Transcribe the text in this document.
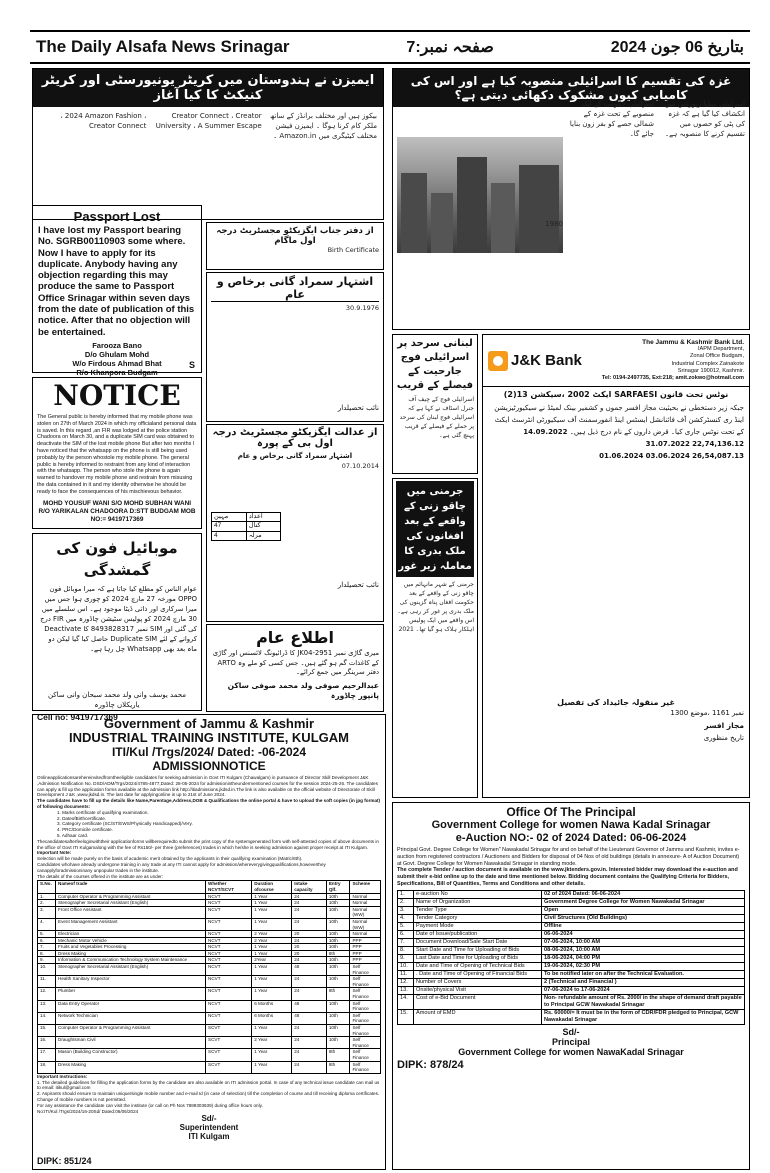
The Daily Alsafa News Srinagar	صفحہ نمبر:7	بتاریخ 06 جون 2024
ایمیزن نے ہندوستان میں کریٹر یونیورسٹی اور کریٹر کنیکٹ کا کیا آغاز
بیکوز ہیں اور مختلف برانڈز کے ساتھ ملکر کام کرنا ہوگا ۔ ایمیزن فیشن مختلف کیٹیگری میں Amazon.in ۔ Creator Connect ، Creator University ، A Summer Escape ، 2024 Amazon Fashion ، Creator Connect
Passport Lost
I have lost my Passport bearing No. SGRB00110903 some where. Now I have to apply for its duplicate. Anybody having any objection regarding this may produce the same to Passport Office Srinagar within seven days from the date of publication of this notice. After that no objection will be entertained.
Farooza Bano
D/o Ghulam Mohd
W/o Firdous Ahmad Bhat
R/o Khanpora Budgam
S
NOTICE
The General public is hereby informed that my mobile phone was stolen on 27th of March 2024 in which my officialand personal data is saved. In this regard ,an FIR was lodged at the police station Chadoora on March 30, and a duplicate SIM card was obtained to deactivate the SIM of the lost mobile phone But after two months I have noticed that the whatsapp on the phone is still being used probably by the person whostole my mobile phone. The general public is hereby informed to restraint from any kind of interaction with the whatsapp. The person who stole the phone is again warned to handover my mobile phone and restrain from misusing the data contained in it and my identity otherwise he should be ready to face the consequences of his mischievous behavior.
MOHD YOUSUF WANI S/O MOHD SUBHAN WANI R/O YARIKALAN CHADOORA D:STT BUDGAM MOB NO:= 9419717369
موبائیل فون کی گمشدگی
عوام الناس کو مطلع کیا جاتا ہے کہ میرا موبائل فون OPPO مورخہ 27 مارچ 2024 کو چوری ہوا جس میں میرا سرکاری اور ذاتی ڈیٹا موجود ہے۔ اس سلسلے میں 30 مارچ 2024 کو پولیس سٹیشن چاڈورہ میں FIR درج کی گئی اور SIM نمبر 8493828317 کا Deactivate کروانے کے لئے Duplicate SIM حاصل کیا گیا لیکن دو ماہ بعد بھی Whatsapp چل رہا ہے۔
محمد یوسف وانی ولد محمد سبحان وانی ساکن یاریکلاں چاڈورہ
Cell no: 9419717369
از دفتر جناب ایگزیکٹو مجسٹریٹ درجہ اول ماگام
Birth Certificate
اشتہار سمراد گانی برخاص و عام
30.9.1976
نائب تحصیلدار
از عدالت ایگزیکٹو مجسٹریٹ درجہ اول بی کے پورہ
اشتہار سمراد گانی برخاص و عام
07.10.2014
مہین	اعداد
47	کنال
4	مرلہ
نائب تحصیلدار
اطلاع عام
میری گاڑی نمبر JK04-2951 کا ڈرائیونگ لائسنس اور گاڑی کے کاغذات گم ہو گئے ہیں۔ جس کسی کو ملے وہ ARTO دفتر سرینگر میں جمع کرائے۔
عبدالرحیم صوفی ولد محمد صوفی ساکن پانپور چاڈورہ
غزہ کی تقسیم کا اسرائیلی منصوبہ کیا ہے اور اس کی کامیابی کیوں مشکوک دکھائی دیتی ہے؟
اسرائیلی میڈیا رپورٹس میں انکشاف کیا گیا ہے کہ غزہ کی پٹی کو حصوں میں تقسیم کرنے کا منصوبہ ہے۔ اسرائیلی حکومت کے ایک منصوبے کے تحت غزہ کے شمالی حصے کو بفر زون بنایا جائے گا۔
1980
لبنانی سرحد پر اسرائیلی فوج جارحیت کے فیصلے کے قریب
اسرائیلی فوج کے چیف آف جنرل اسٹاف نے کہا ہے کہ اسرائیلی فوج لبنان کی سرحد پر حملے کے فیصلے کے قریب پہنچ گئی ہے۔
جرمنی میں چاقو زنی کے واقعے کے بعد افغانوں کی ملک بدری کا معاملہ زیر غور
جرمنی کے شہر مانہائم میں چاقو زنی کے واقعے کے بعد حکومت افغان پناہ گزینوں کی ملک بدری پر غور کر رہی ہے۔ اس واقعے میں ایک پولیس اہلکار ہلاک ہو گیا تھا۔ 2021
J&K Bank
The Jammu & Kashmir Bank Ltd.
IAPM Department,
Zonal Office Budgam,
Industrial Complex Zainakote
Srinagar 190012, Kashmir.
Tel: 0194-2497735, Ext:218; amit.zokwo@hotmail.com
نوٹس تحت قانون SARFAESI ایکٹ 2002 ،سیکشن 13(2)
جبکہ زیر دستخطی نے بحیثیت مجاز افسر جموں و کشمیر بینک لمیٹڈ نے سیکیورٹیزیشن اینڈ ری کنسٹرکشن آف فائنانشل ایسٹس اینڈ انفورسمنٹ آف سیکیورٹی انٹرسٹ ایکٹ کے تحت نوٹس جاری کیا۔ قرض داروں کے نام درج ذیل ہیں۔ 14.09.2022
22,74,136.12 31.07.2022
26,54,087.13 03.06.2024 01.06.2024
غیر منقولہ جائیداد کی تفصیل
نمبر 1161 ،موضع 1300
مجاز افسر
تاریخ منظوری
Government of Jammu & Kashmir
INDUSTRIAL TRAINING INSTITUTE, KULGAM
ITI/Kul /Trgs/2024/ Dated: -06-2024
ADMISSIONNOTICE
Onlineapplicationsarehereinvitedfromtheeligible candidates for seeking admission in Govt ITI Kulgam (Chawalgam) in pursuance of Director Skill Development J&K ,Admission Notification No. DSD/ADM/Trgs/2024/4785-4877,Dated: 28-05-2024 for admissionintheundermentioned courses for the session 2024-25-26. The candidates can apply & fill up the application forms available at the admission link http://itiadmissions.jkdsd.in.The link is also available on the official website of Directorate of Skill Development J &K ,www.jkdsd.in. The last date for applyingonline is up to 21st of June 2024.
The candidates have to fill up the details like Name,Parentage,Address,DOB & Qualifications the online portal & have to upload the soft copies (in jpg format) of following documents:
1. Marks certificate of qualifying examination.
2. DateofBirthcertificate.
3. Category certificate (SC/ST/EWS/Physically Handicapped)/Very.
4. PRC/Domicile certificate.
5. Adhaar card.
Thecandidatesafterfeeloginwiththeir applicationforms willberequiredto submit the print copy of the systemgenerated form with self-attested copies of above documents in the office of Govt ITI Kulgamalong with the fee of Rs150/- per three (preferences) trades in which he/she is seeking admission against proper receipt at ITI Kulgam.
Important Note:
Selection will be made purely on the basis of academic merit obtained by the applicants in their qualifying examination (Matric/8th).
Candidates whohave already undergone training in any trade at any ITI cannot apply for admission/whereverygivingqualifications,howeverthey canapplyforadmissioninany unpopular trades in the institute.
The details of the courses offered in the institute are as under:
S.No.	Nameof trade	Whether NCVT/SCVT	Duration ofcourse	Intake capacity	Entry Qlf.	Scheme
1.	Computer Operator & Programming Assistant	NCVT	1 Year	24	10th	Normal
2.	Stenographer Secretarial Assistant (English)	NCVT	1 Year	24	10th	Normal
3.	Front Office Assistant	NCVT	1 Year	24	10th	Normal (WW)
4.	Event Management Assistant	NCVT	1 Year	24	10th	Normal (WW)
5.	Electrician	NCVT	2 Year	20	10th	Normal
6.	Mechanic Motor Vehicle	NCVT	2 Year	24	10th	PPP
7.	Fruits and Vegetables Processing	NCVT	1 Year	20	10th	PPP
8.	Dress Making	NCVT	1 Year	20	8th	PPP
9.	Information & Communication Technology System Maintenance	NCVT	2Year	24	10th	PPP
10.	Stenographer Secretarial Assistant (English)	NCVT	1 Year	48	10th	Self Finance
11.	Health Sanitary Inspector	NCVT	1 Year	24	10th	Self Finance
12.	Plumber	NCVT	1 Year	24	8th	Self Finance
13.	Data Entry Operator	NCVT	6 Months	48	10th	Self Finance
14.	Network Technician	NCVT	6 Months	48	10th	Self Finance
15.	Computer Operator & Programming Assistant	SCVT	1 Year	24	10th	Self Finance
16.	Draughtsman Civil	SCVT	2 Year	24	10th	Self Finance
17.	Mason (Building Constructor)	SCVT	1 Year	24	8th	Self Finance
18.	Dress Making	SCVT	1 Year	24	8th	Self Finance
Important Instructions:
1. The detailed guidelines for filling the application forms by the candidate are also available on ITI admission portal. In case of any technical issue candidate can mail us to email: itikul@gmail.com
2. Aspirants should ensure to maintain unique/single mobile number and e-mail Id (in case of selection) till the completion of course and till receiving diploma certificates. Change of mobile numbers is not permitted.
For any assistance the candidate can visit the institute (or call on Ph Nos 7889303639) during office hours only.
No:ITI/Kul /Trgs/2024/16-20Sd/ Dated:06/06/2024
Sd/-
Superintendent
ITI Kulgam
DIPK: 851/24
Office Of The Principal
Government College for women Nawa Kadal Srinagar
e-Auction NO:- 02 of 2024 Dated: 06-06-2024
Principal Govt. Degree College for Women" Nawakadal Srinagar for and on behalf of the Lieutenant Governor of Jammu and Kashmir, invites e-auction from registered contractors / Auctioners and Bidders for disposal of 04 Nos of old buildings (details in annexure- A of Auction Document) at Govt. Degree College for Women Nawakadal Srinagar in standing mode.
The complete Tender / auction document is available on the www.jktenders.gov.in. Interested bidder may download the e-auction and submit their e-bid online up to the date and time mentioned below. Bidding document contains the Qualifying Criteria for Bidders, Specifications, Bill of Quantities, Terms and Conditions and other details.
1.	e-auction No	02 of 2024 Dated: 06-06-2024
2.	Name of Organization	Government Degree College for Women Nawakadal Srinagar
3.	Tender Type	Open
4.	Tender Category	Civil Structures (Old Buildings)
5.	Payment Mode	Offline
6.	Date of Issue/publication	06-06-2024
7.	Document Download/Sale Start Date	07-06-2024, 10:00 AM
8.	Start Date and Time for Uploading of Bids	08-06-2024, 10:00 AM
9.	Last Date and Time for Uploading of Bids	18-06-2024, 04:00 PM
10.	Date and Time of Opening of Technical Bids	19-06-2024, 02:30 PM
11.	. Date and Time of Opening of Financial Bids	To be notified later on after the Technical Evaluation.
12.	Number of Covers	2 (Technical and Financial )
13.	Onsite/physical Visit	07-06-2024 to 17-06-2024
14.	Cost of e-Bid Document	Non- refundable amount of Rs. 2000/ in the shape of demand draft payable to Principal GCW Nawakadal Srinagar
15.	Amount of EMD	Rs. 60000/= It must be in the form of CDR/FDR pledged to Principal, GCW Nawakadal Srinagar
Sd/-
Principal
Government College for women NawaKadal Srinagar
DIPK: 878/24
